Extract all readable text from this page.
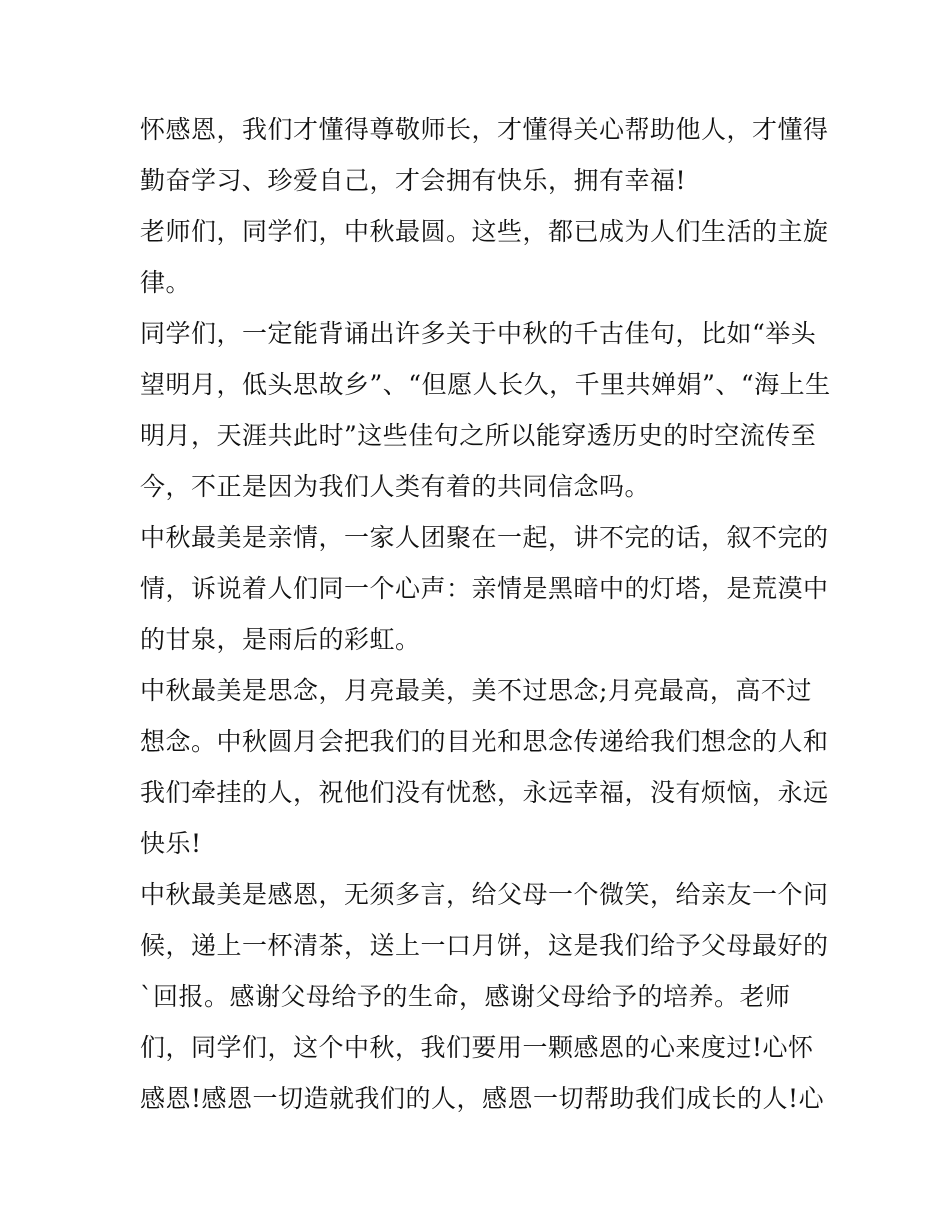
怀感恩，我们才懂得尊敬师长，才懂得关心帮助他人，才懂得
勤奋学习、珍爱自己，才会拥有快乐，拥有幸福!
老师们，同学们，中秋最圆。这些，都已成为人们生活的主旋
律。
同学们，一定能背诵出许多关于中秋的千古佳句，比如“举头
望明月，低头思故乡”、“但愿人长久，千里共婵娟”、“海上生
明月，天涯共此时”这些佳句之所以能穿透历史的时空流传至
今，不正是因为我们人类有着的共同信念吗。
中秋最美是亲情，一家人团聚在一起，讲不完的话，叙不完的
情，诉说着人们同一个心声：亲情是黑暗中的灯塔，是荒漠中
的甘泉，是雨后的彩虹。
中秋最美是思念，月亮最美，美不过思念;月亮最高，高不过
想念。中秋圆月会把我们的目光和思念传递给我们想念的人和
我们牵挂的人，祝他们没有忧愁，永远幸福，没有烦恼，永远
快乐!
中秋最美是感恩，无须多言，给父母一个微笑，给亲友一个问
候，递上一杯清茶，送上一口月饼，这是我们给予父母最好的
`回报。感谢父母给予的生命，感谢父母给予的培养。老师
们，同学们，这个中秋，我们要用一颗感恩的心来度过!心怀
感恩!感恩一切造就我们的人，感恩一切帮助我们成长的人!心
